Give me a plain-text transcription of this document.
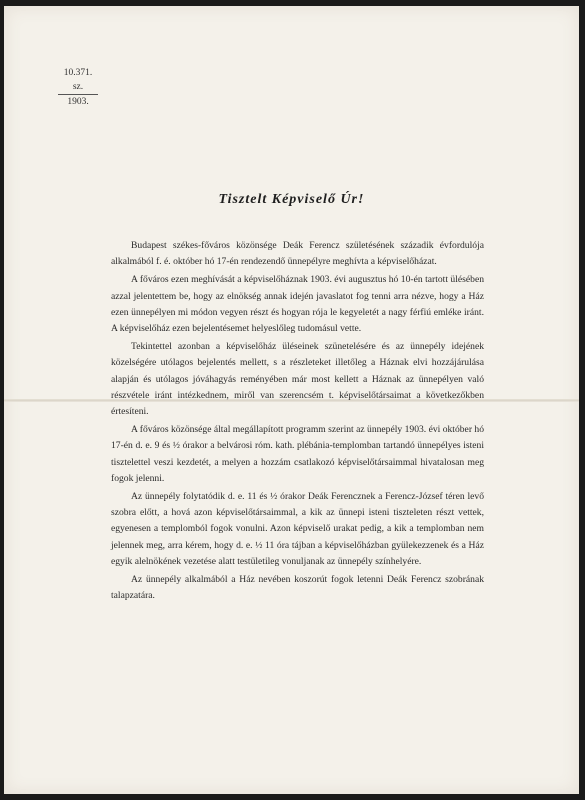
10.371. sz.
1903.
Tisztelt Képviselő Úr!

Budapest székes-főváros közönsége Deák Ferencz születésének századik évfordulója alkalmából f. é. október hó 17-én rendezendő ünnepélyre meghívta a képviselőházat.

A főváros ezen meghívását a képviselőháznak 1903. évi augusztus hó 10-én tartott ülésében azzal jelentettem be, hogy az elnökség annak idején javaslatot fog tenni arra nézve, hogy a Ház ezen ünnepélyen mi módon vegyen részt és hogyan rója le kegyeletét a nagy férfiú emléke iránt. A képviselőház ezen bejelentésemet helyeslőleg tudomásul vette.

Tekintettel azonban a képviselőház üléseinek szünetelésére és az ünnepély idejének közelségére utólagos bejelentés mellett, s a részleteket illetőleg a Háznak elvi hozzájárulása alapján és utólagos jóváhagyás reményében már most kellett a Háznak az ünnepélyen való részvétele iránt intézkednem, miről van szerencsém t. képviselőtársaimat a következőkben értesíteni.

A főváros közönsége által megállapított programm szerint az ünnepély 1903. évi október hó 17-én d. e. 9 és ½ órakor a belvárosi róm. kath. plébánia-templomban tartandó ünnepélyes isteni tisztelettel veszi kezdetét, a melyen a hozzám csatlakozó képviselőtársaimmal hivatalosan meg fogok jelenni.

Az ünnepély folytatódik d. e. 11 és ½ órakor Deák Ferencznek a Ferencz-József téren levő szobra előtt, a hová azon képviselőtársaimmal, a kik az ünnepi isteni tiszteleten részt vettek, egyenesen a templomból fogok vonulni. Azon képviselő urakat pedig, a kik a templomban nem jelennek meg, arra kérem, hogy d. e. ½ 11 óra tájban a képviselőházban gyülekezzenek és a Ház egyik alelnökének vezetése alatt testületileg vonuljanak az ünnepély színhelyére.

Az ünnepély alkalmából a Ház nevében koszorút fogok letenni Deák Ferencz szobrának talapzatára.
